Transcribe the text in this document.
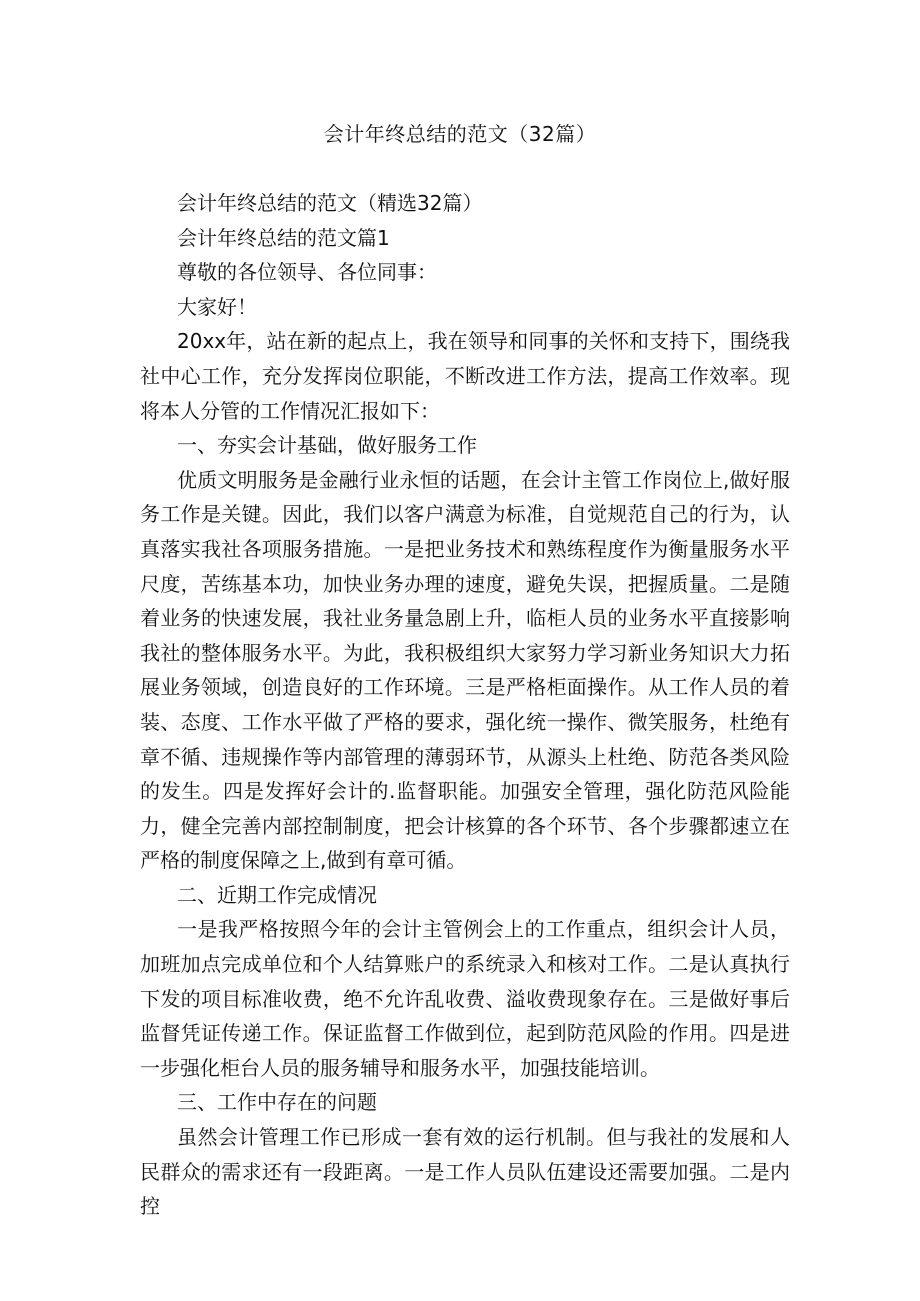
会计年终总结的范文（32篇）

会计年终总结的范文（精选32篇）

会计年终总结的范文篇1

尊敬的各位领导、各位同事：

大家好！

20xx年，站在新的起点上，我在领导和同事的关怀和支持下，围绕我社中心工作，充分发挥岗位职能，不断改进工作方法，提高工作效率。现将本人分管的工作情况汇报如下：

一、夯实会计基础，做好服务工作

优质文明服务是金融行业永恒的话题，在会计主管工作岗位上,做好服务工作是关键。因此，我们以客户满意为标准，自觉规范自己的行为，认真落实我社各项服务措施。一是把业务技术和熟练程度作为衡量服务水平尺度，苦练基本功，加快业务办理的速度，避免失误，把握质量。二是随着业务的快速发展，我社业务量急剧上升，临柜人员的业务水平直接影响我社的整体服务水平。为此，我积极组织大家努力学习新业务知识大力拓展业务领域，创造良好的工作环境。三是严格柜面操作。从工作人员的着装、态度、工作水平做了严格的要求，强化统一操作、微笑服务，杜绝有章不循、违规操作等内部管理的薄弱环节，从源头上杜绝、防范各类风险的发生。四是发挥好会计的.监督职能。加强安全管理，强化防范风险能力，健全完善内部控制制度，把会计核算的各个环节、各个步骤都速立在严格的制度保障之上,做到有章可循。

二、近期工作完成情况

一是我严格按照今年的会计主管例会上的工作重点，组织会计人员，加班加点完成单位和个人结算账户的系统录入和核对工作。二是认真执行下发的项目标准收费，绝不允许乱收费、溢收费现象存在。三是做好事后监督凭证传递工作。保证监督工作做到位，起到防范风险的作用。四是进一步强化柜台人员的服务辅导和服务水平，加强技能培训。

三、工作中存在的问题

虽然会计管理工作已形成一套有效的运行机制。但与我社的发展和人民群众的需求还有一段距离。一是工作人员队伍建设还需要加强。二是内控
